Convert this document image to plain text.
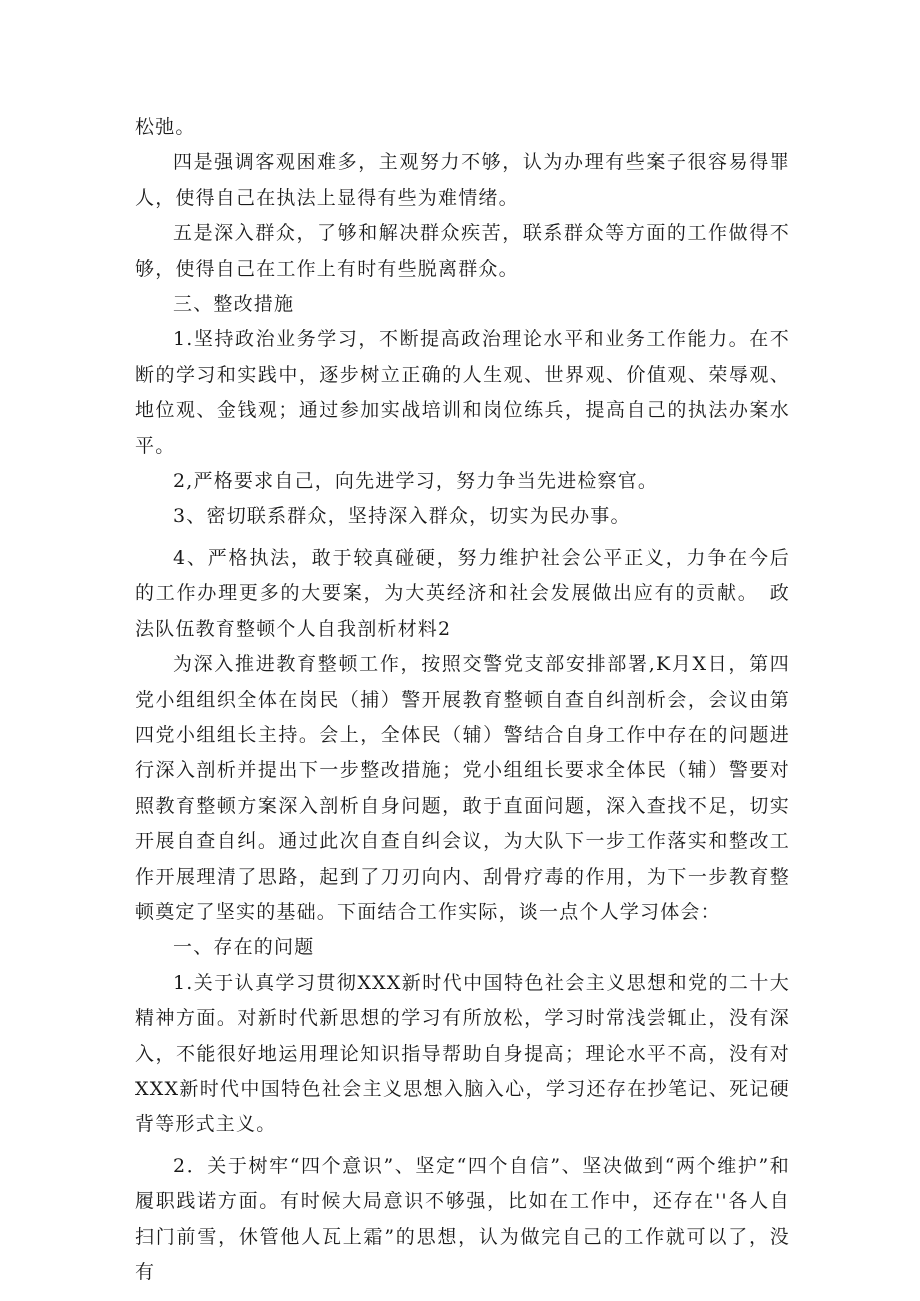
松弛。

四是强调客观困难多，主观努力不够，认为办理有些案子很容易得罪人，使得自己在执法上显得有些为难情绪。

五是深入群众，了够和解决群众疾苦，联系群众等方面的工作做得不够，使得自己在工作上有时有些脱离群众。

三、整改措施

1.坚持政治业务学习，不断提高政治理论水平和业务工作能力。在不断的学习和实践中，逐步树立正确的人生观、世界观、价值观、荣辱观、地位观、金钱观；通过参加实战培训和岗位练兵，提高自己的执法办案水平。

2,严格要求自己，向先进学习，努力争当先进检察官。

3、密切联系群众，坚持深入群众，切实为民办事。

4、严格执法，敢于较真碰硬，努力维护社会公平正义，力争在今后的工作办理更多的大要案，为大英经济和社会发展做出应有的贡献。　政法队伍教育整顿个人自我剖析材料2

为深入推进教育整顿工作，按照交警党支部安排部署,K月X日，第四党小组组织全体在岗民（捕）警开展教育整顿自查自纠剖析会，会议由第四党小组组长主持。会上，全体民（辅）警结合自身工作中存在的问题进行深入剖析并提出下一步整改措施；党小组组长要求全体民（辅）警要对照教育整顿方案深入剖析自身问题，敢于直面问题，深入查找不足，切实开展自查自纠。通过此次自查自纠会议，为大队下一步工作落实和整改工作开展理清了思路，起到了刀刃向内、刮骨疗毒的作用，为下一步教育整顿奠定了坚实的基础。下面结合工作实际，谈一点个人学习体会：

一、存在的问题

1.关于认真学习贯彻XXX新时代中国特色社会主义思想和党的二十大精神方面。对新时代新思想的学习有所放松，学习时常浅尝辄止，没有深入，不能很好地运用理论知识指导帮助自身提高；理论水平不高，没有对XXX新时代中国特色社会主义思想入脑入心，学习还存在抄笔记、死记硬背等形式主义。

2．关于树牢“四个意识”、坚定“四个自信”、坚决做到“两个维护”和履职践诺方面。有时候大局意识不够强，比如在工作中，还存在''各人自扫门前雪，休管他人瓦上霜”的思想，认为做完自己的工作就可以了，没有
